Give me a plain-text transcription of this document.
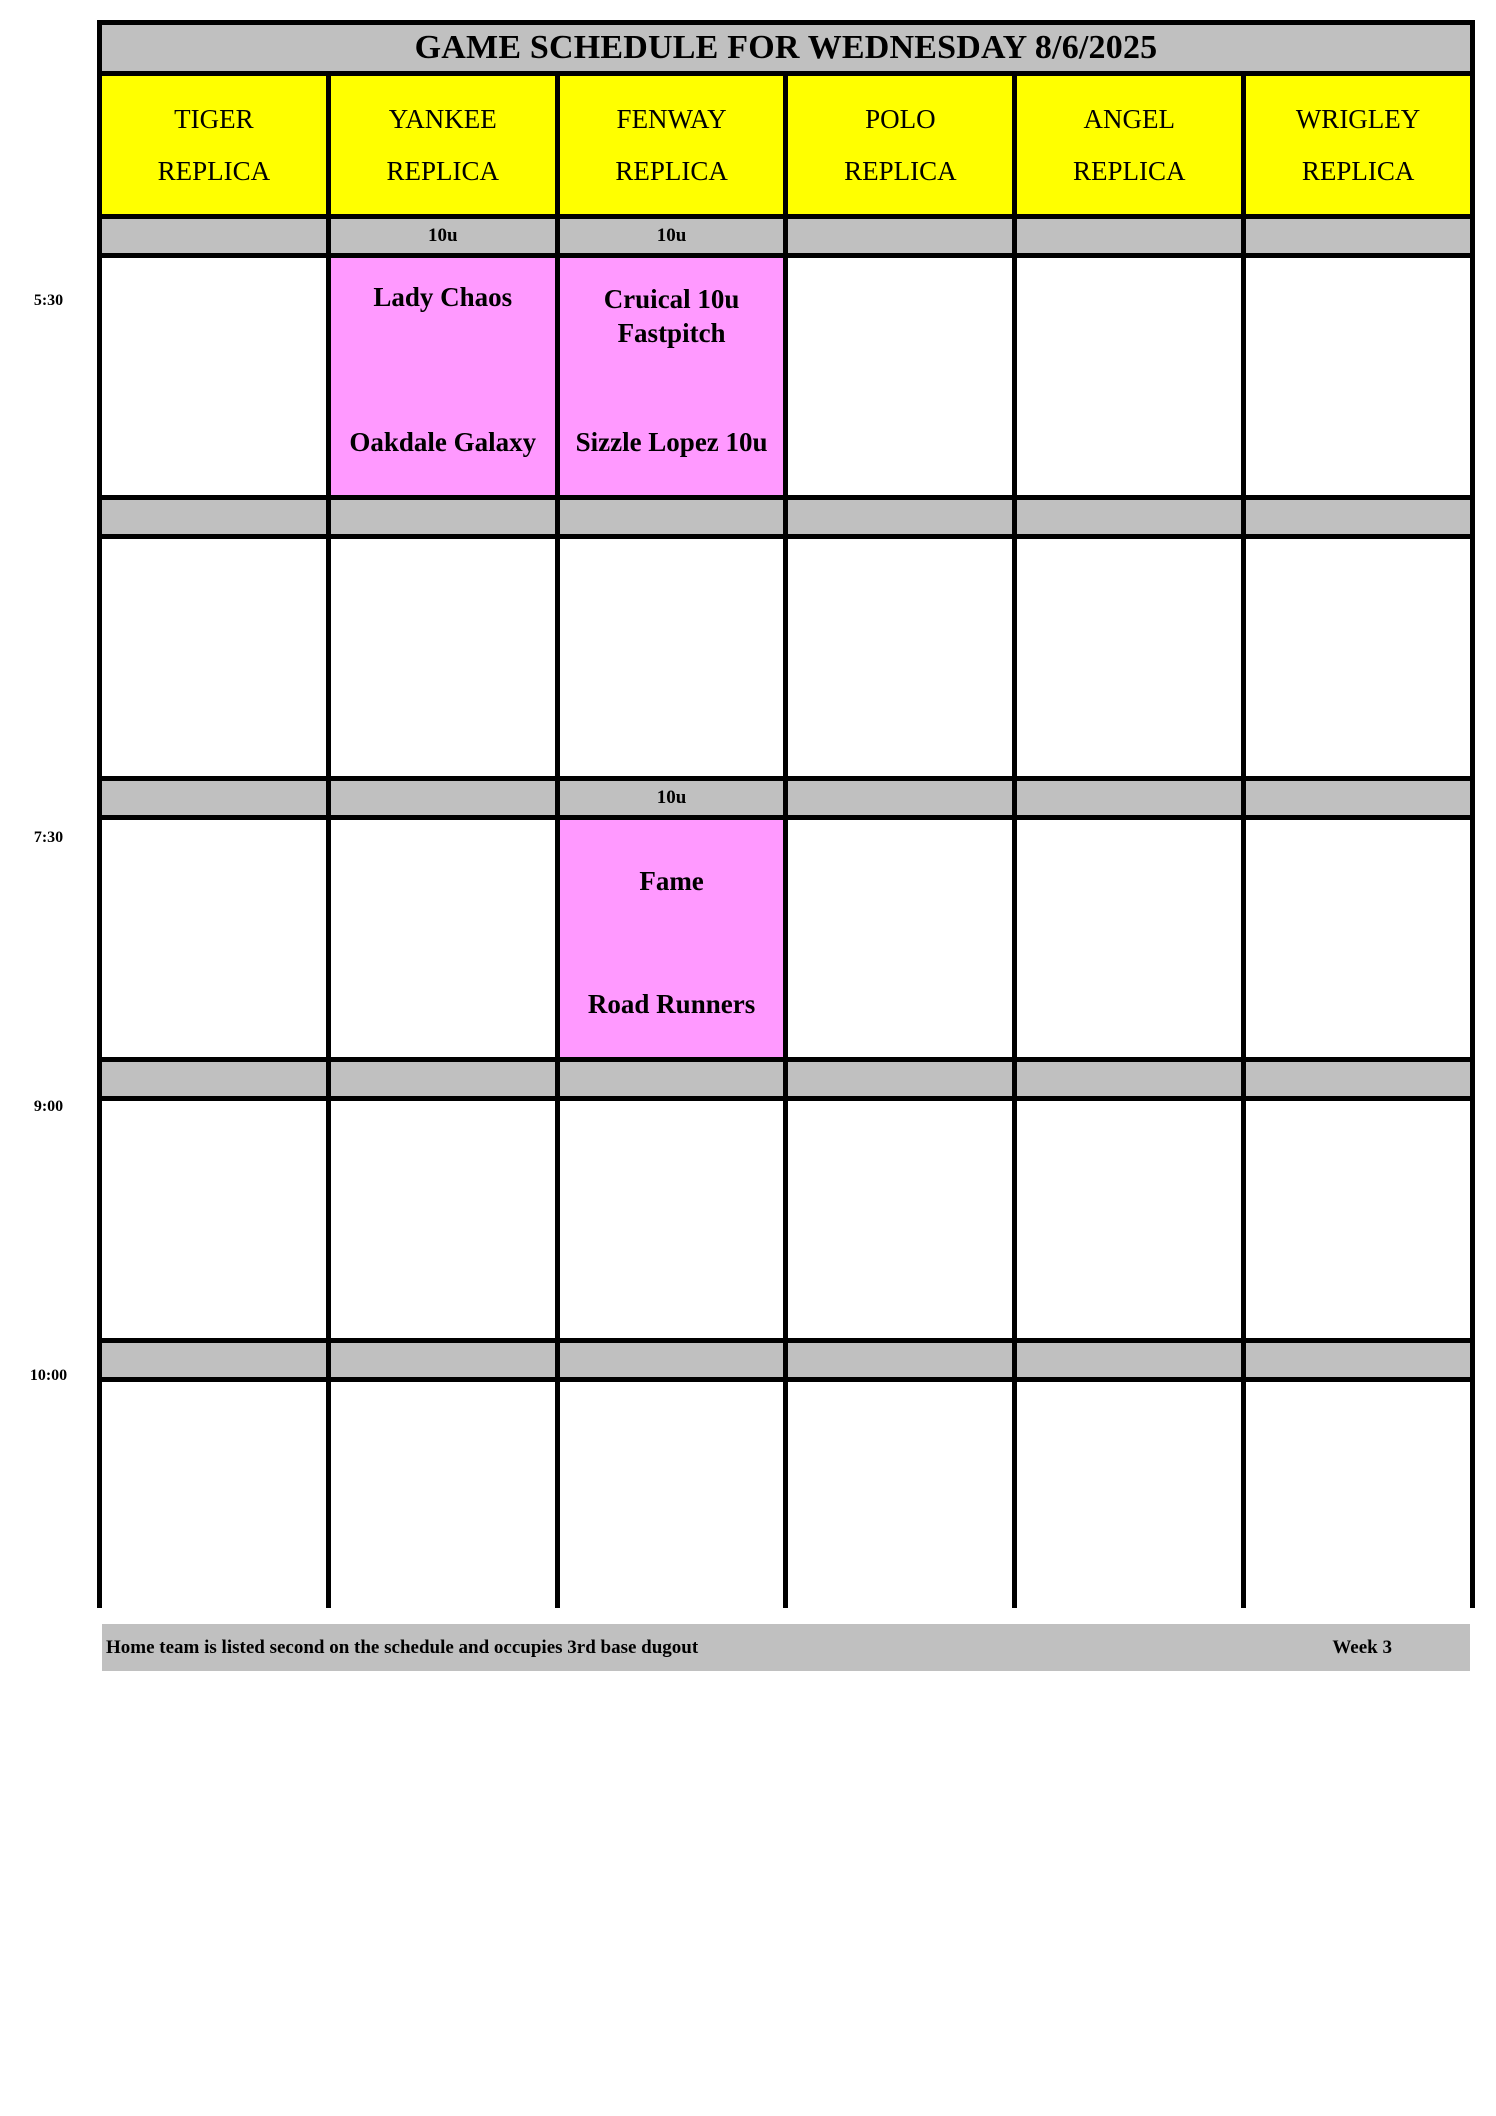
5:30
7:30
9:00
10:00
GAME SCHEDULE FOR WEDNESDAY 8/6/2025
TIGER
REPLICA
YANKEE
REPLICA
FENWAY
REPLICA
POLO
REPLICA
ANGEL
REPLICA
WRIGLEY
REPLICA
10u	10u
Lady Chaos
Oakdale Galaxy
Cruical 10u Fastpitch
Sizzle Lopez 10u
10u
Fame
Road Runners
Home team is listed second on the schedule and occupies 3rd base dugout	Week 3
